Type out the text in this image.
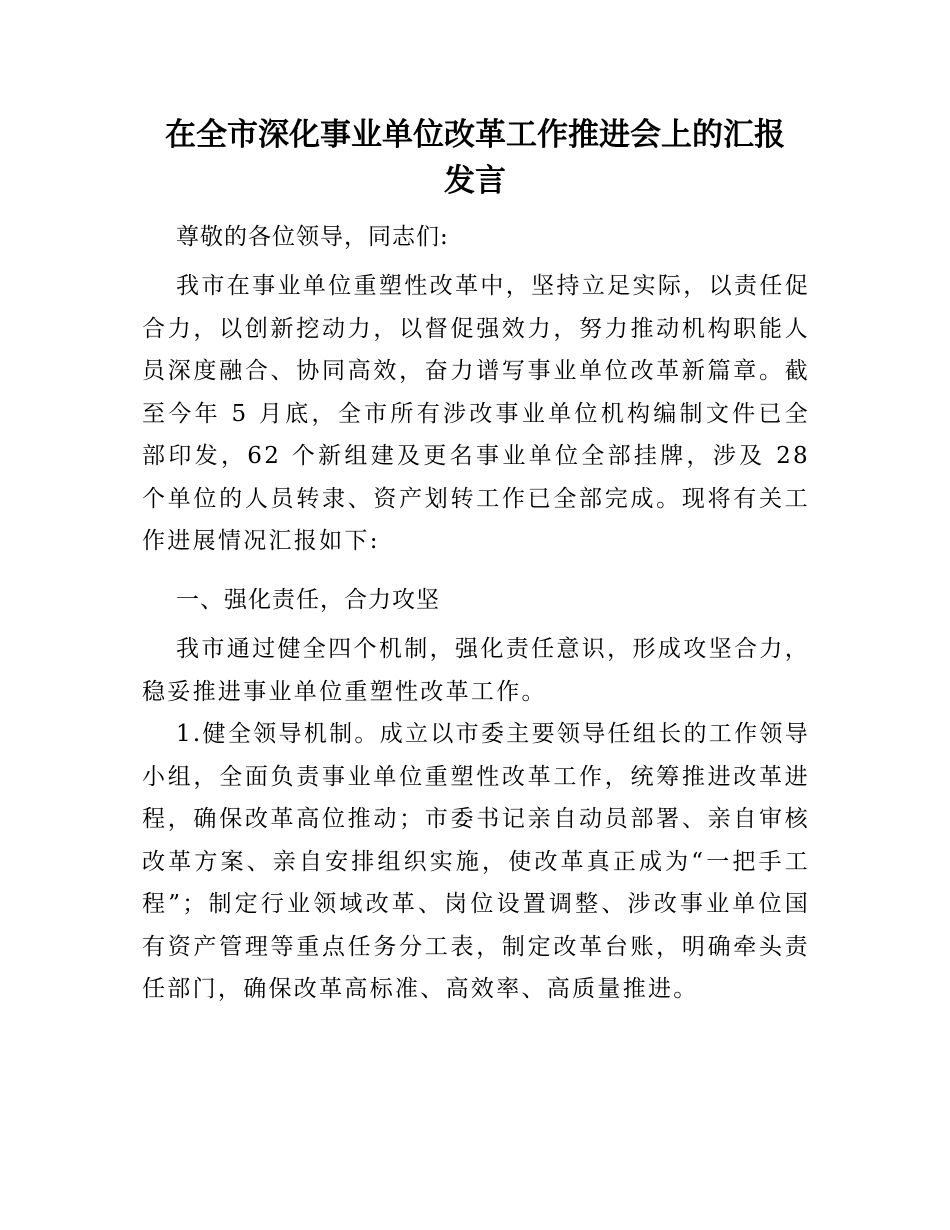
在全市深化事业单位改革工作推进会上的汇报
发言

尊敬的各位领导，同志们:

我市在事业单位重塑性改革中，坚持立足实际，以责任促合力，以创新挖动力，以督促强效力，努力推动机构职能人员深度融合、协同高效，奋力谱写事业单位改革新篇章。截至今年 5 月底，全市所有涉改事业单位机构编制文件已全部印发，62 个新组建及更名事业单位全部挂牌，涉及 28 个单位的人员转隶、资产划转工作已全部完成。现将有关工作进展情况汇报如下:

一、强化责任，合力攻坚

我市通过健全四个机制，强化责任意识，形成攻坚合力，稳妥推进事业单位重塑性改革工作。

1.健全领导机制。成立以市委主要领导任组长的工作领导小组，全面负责事业单位重塑性改革工作，统筹推进改革进程，确保改革高位推动；市委书记亲自动员部署、亲自审核改革方案、亲自安排组织实施，使改革真正成为“一把手工程”；制定行业领域改革、岗位设置调整、涉改事业单位国有资产管理等重点任务分工表，制定改革台账，明确牵头责任部门，确保改革高标准、高效率、高质量推进。
